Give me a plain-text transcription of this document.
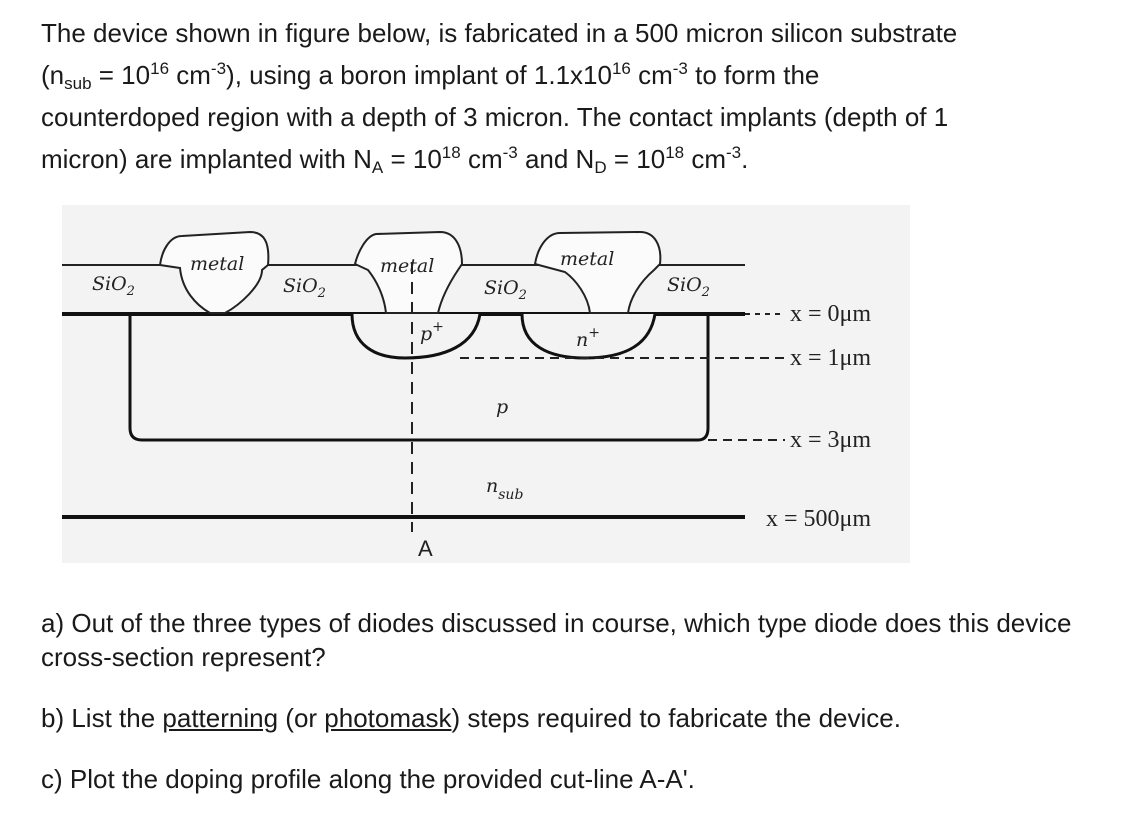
The device shown in figure below, is fabricated in a 500 micron silicon substrate
($n_{sub} = 10^{16}$ $cm^{-3}$), using a boron implant of $1.1x10^{16}$ $cm^{-3}$ to form the
counterdoped region with a depth of 3 micron. The contact implants (depth of 1
micron) are implanted with $N_A = 10^{18}$ $cm^{-3}$ and $N_D = 10^{18}$ $cm^{-3}$.
SiO$_2$	SiO$_2$	SiO$_2$	SiO$_2$
metal	metal	metal
p+
n+
p
$n_{sub}$
x = 0μm
x = 1μm
x = 3μm
x = 500μm
A
a) Out of the three types of diodes discussed in course, which type diode does this device cross-section represent?
b) List the patterning (or photomask) steps required to fabricate the device.
c) Plot the doping profile along the provided cut-line A-A'.
